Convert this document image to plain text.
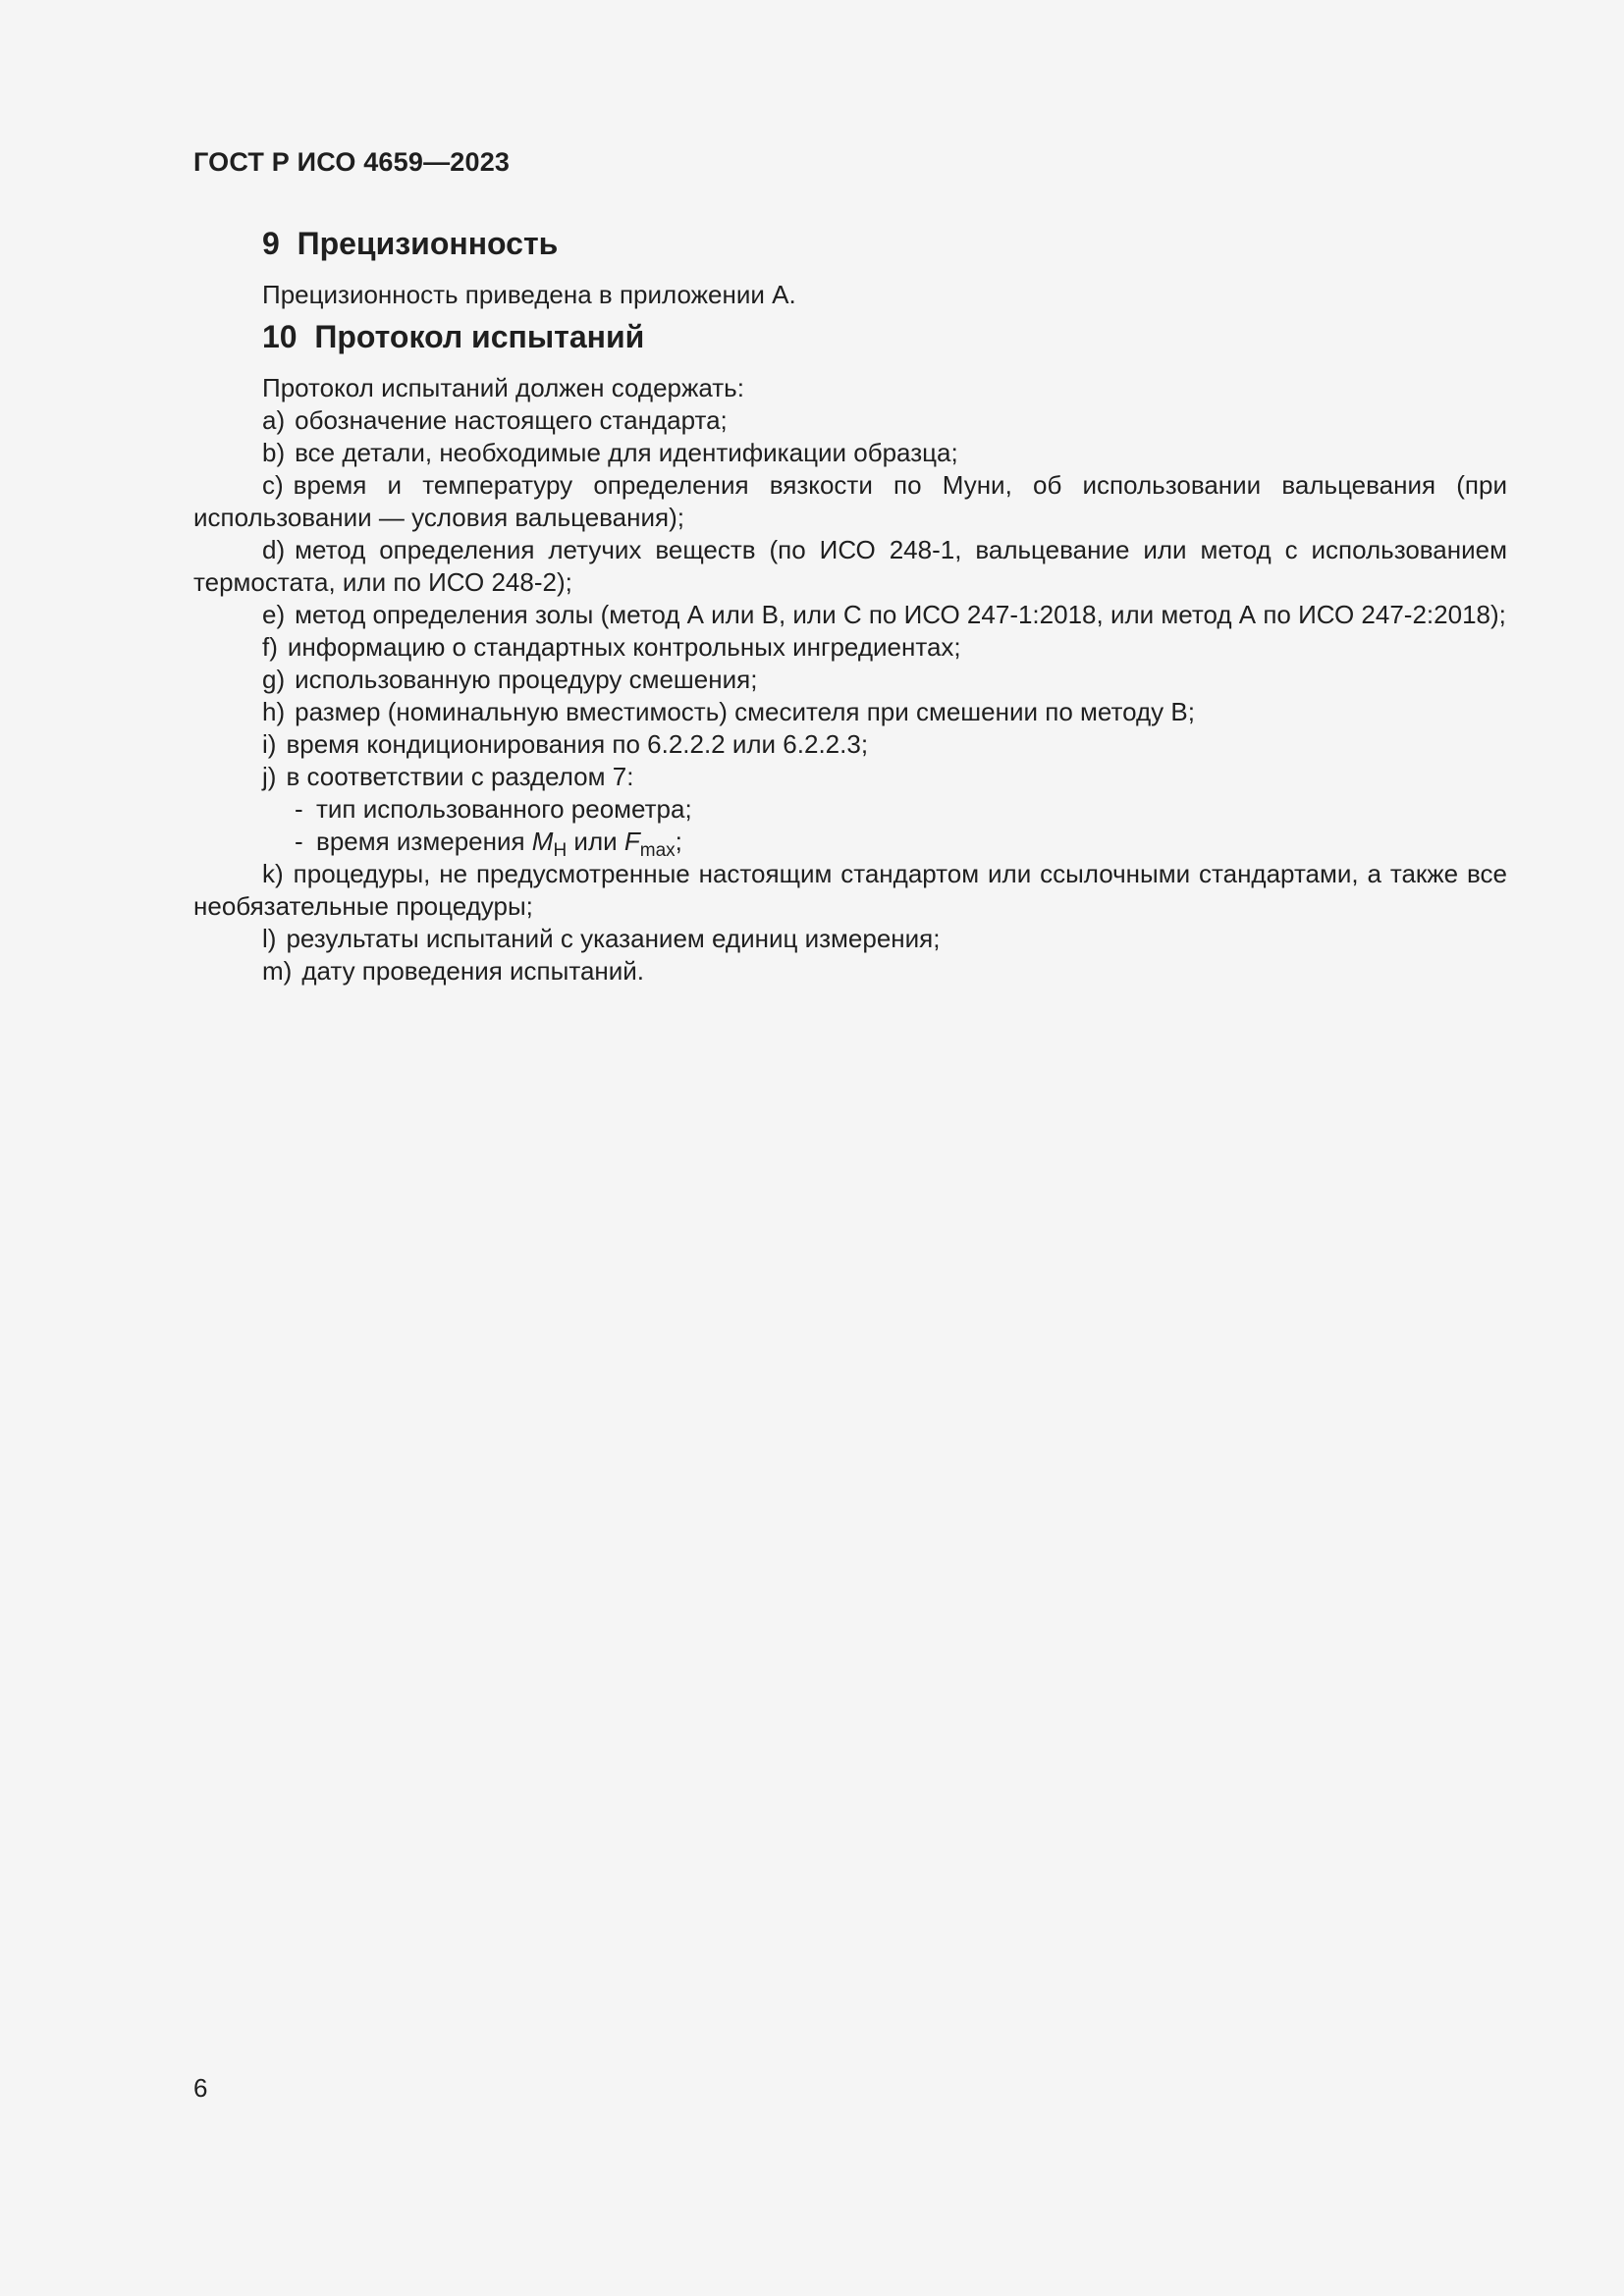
ГОСТ Р ИСО 4659—2023
9 Прецизионность

Прецизионность приведена в приложении А.

10 Протокол испытаний

Протокол испытаний должен содержать:

a) обозначение настоящего стандарта;
b) все детали, необходимые для идентификации образца;
c) время и температуру определения вязкости по Муни, об использовании вальцевания (при использовании — условия вальцевания);
d) метод определения летучих веществ (по ИСО 248-1, вальцевание или метод с использованием термостата, или по ИСО 248-2);
e) метод определения золы (метод А или В, или С по ИСО 247-1:2018, или метод А по ИСО 247-2:2018);
f) информацию о стандартных контрольных ингредиентах;
g) использованную процедуру смешения;
h) размер (номинальную вместимость) смесителя при смешении по методу В;
i) время кондиционирования по 6.2.2.2 или 6.2.2.3;
j) в соответствии с разделом 7:
- тип использованного реометра;
- время измерения $M_H$ или $F_{max}$;
k) процедуры, не предусмотренные настоящим стандартом или ссылочными стандартами, а также все необязательные процедуры;
l) результаты испытаний с указанием единиц измерения;
m) дату проведения испытаний.
6
